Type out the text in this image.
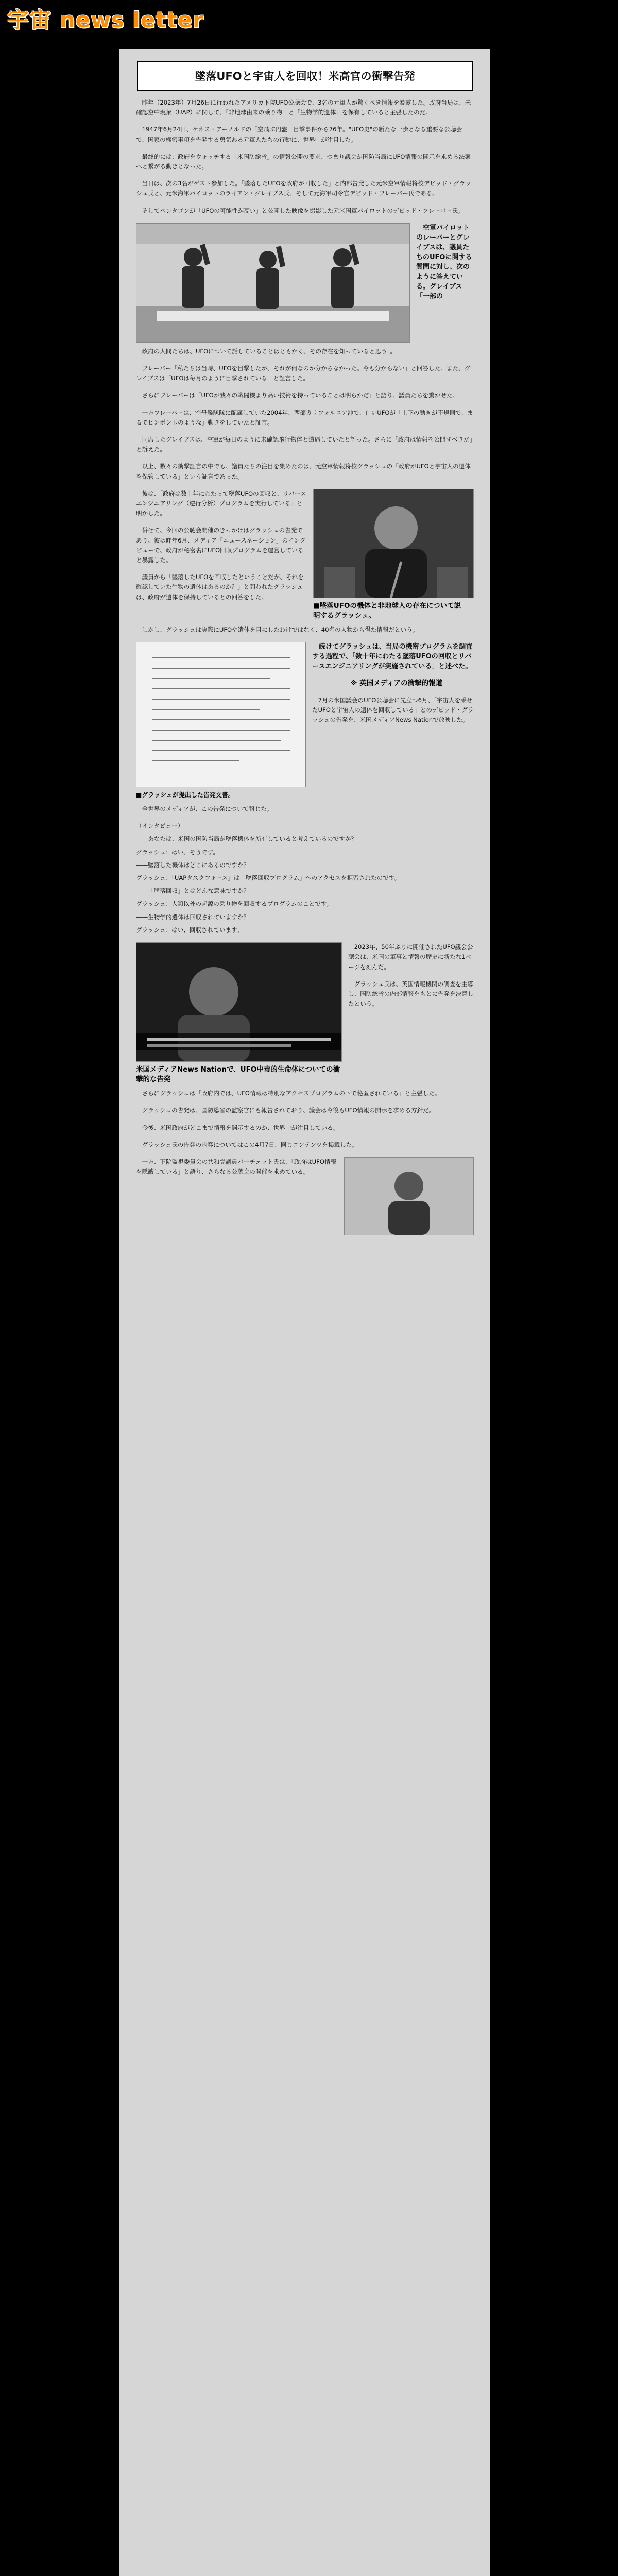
宇宙 news letter
墜落UFOと宇宙人を回収！米高官の衝撃告発

昨年（2023年）7月26日に行われたアメリカ下院UFO公聴会で、3名の元軍人が驚くべき情報を暴露した。政府当局は、未確認空中現象（UAP）に関して、「非地球由来の乗り物」と「生物学的遺体」を保有していると主張したのだ。

1947年6月24日、ケネス・アーノルドの「空飛ぶ円盤」目撃事件から76年。"UFO史"の新たな一歩となる重要な公聴会で、国家の機密事項を告発する勇気ある元軍人たちの行動に、世界中が注目した。

最終的には、政府をウォッチする「米国防総省」の情報公開の要求、つまり議会が国防当局にUFO情報の開示を求める法案へと繋がる動きとなった。

当日は、次の3名がゲスト参加した。「墜落したUFOを政府が回収した」と内部告発した元米空軍情報将校デビッド・グラッシュ氏と、元米海軍パイロットのライアン・グレイブス氏、そして元海軍司令官デビッド・フレーバー氏である。

そしてペンタゴンが「UFOの可能性が高い」と公開した映像を撮影した元米国軍パイロットのデビッド・フレーバー氏。

空軍パイロットのレーバーとグレイブスは、議員たちのUFOに関する質問に対し、次のように答えている。グレイブス「一部の

政府の人間たちは、UFOについて話していることはともかく、その存在を知っていると思う」。

フレーバー「私たちは当時、UFOを目撃したが、それが何なのか分からなかった。今も分からない」と回答した。また、グレイブスは「UFOは毎月のように目撃されている」と証言した。

さらにフレーバーは「UFOが我々の戦闘機より高い技術を持っていることは明らかだ」と語り、議員たちを驚かせた。

一方フレーバーは、空母艦隊隊に配属していた2004年、西部カリフォルニア沖で、白いUFOが「上下の動きが不規則で、まるでピンポン玉のような」動きをしていたと証言。

同席したグレイブスは、空軍が毎日のように未確認飛行物体と遭遇していたと語った。さらに「政府は情報を公開すべきだ」と訴えた。

以上、数々の衝撃証言の中でも、議員たちの注目を集めたのは、元空軍情報将校グラッシュの「政府がUFOと宇宙人の遺体を保管している」という証言であった。

■墜落UFOの機体と非地球人の存在について説明するグラッシュ。

彼は、「政府は数十年にわたって墜落UFOの回収と、リバースエンジニアリング（逆行分析）プログラムを実行している」と明かした。

併せて、今回の公聴会開催のきっかけはグラッシュの告発であり、彼は昨年6月、メディア「ニュースネーション」のインタビューで、政府が秘密裏にUFO回収プログラムを運営していると暴露した。

議員から「墜落したUFOを回収したということだが、それを確認していた生物の遺体はあるのか？」と問われたグラッシュは、政府が遺体を保持しているとの回答をした。

しかし、グラッシュは実際にUFOや遺体を目にしたわけではなく、40名の人物から得た情報だという。

■グラッシュが提出した告発文書。

続けてグラッシュは、当局の機密プログラムを調査する過程で、「数十年にわたる墜落UFOの回収とリバースエンジニアリングが実施されている」と述べた。

※ 英国メディアの衝撃的報道

7月の米国議会のUFO公聴会に先立つ6月、「宇宙人を乗せたUFOと宇宙人の遺体を回収している」とのデビッド・グラッシュの告発を、米国メディアNews Nationで放映した。

全世界のメディアが、この告発について報じた。

（インタビュー）

——あなたは、米国の国防当局が墜落機体を所有していると考えているのですか？

グラッシュ：はい、そうです。

——墜落した機体はどこにあるのですか？

グラッシュ：「UAPタスクフォース」は「墜落回収プログラム」へのアクセスを拒否されたのです。

——「墜落回収」とはどんな意味ですか？

グラッシュ：人類以外の起源の乗り物を回収するプログラムのことです。

——生物学的遺体は回収されていますか？

グラッシュ：はい、回収されています。

米国メディアNews Nationで、UFO中毒的生命体についての衝撃的な告発

2023年、50年ぶりに開催されたUFO議会公聴会は、米国の軍事と情報の歴史に新たな1ページを刻んだ。

グラッシュ氏は、英国情報機関の調査を主導し、国防総省の内部情報をもとに告発を決意したという。

さらにグラッシュは「政府内では、UFO情報は特別なアクセスプログラムの下で秘匿されている」と主張した。

グラッシュの告発は、国防総省の監察官にも報告されており、議会は今後もUFO情報の開示を求める方針だ。

今後、米国政府がどこまで情報を開示するのか、世界中が注目している。

グラッシュ氏の告発の内容についてはこの4月7日、同じコンテンツを掲載した。

一方、下院監視委員会の共和党議員バーチェット氏は、「政府はUFO情報を隠蔽している」と語り、さらなる公聴会の開催を求めている。
